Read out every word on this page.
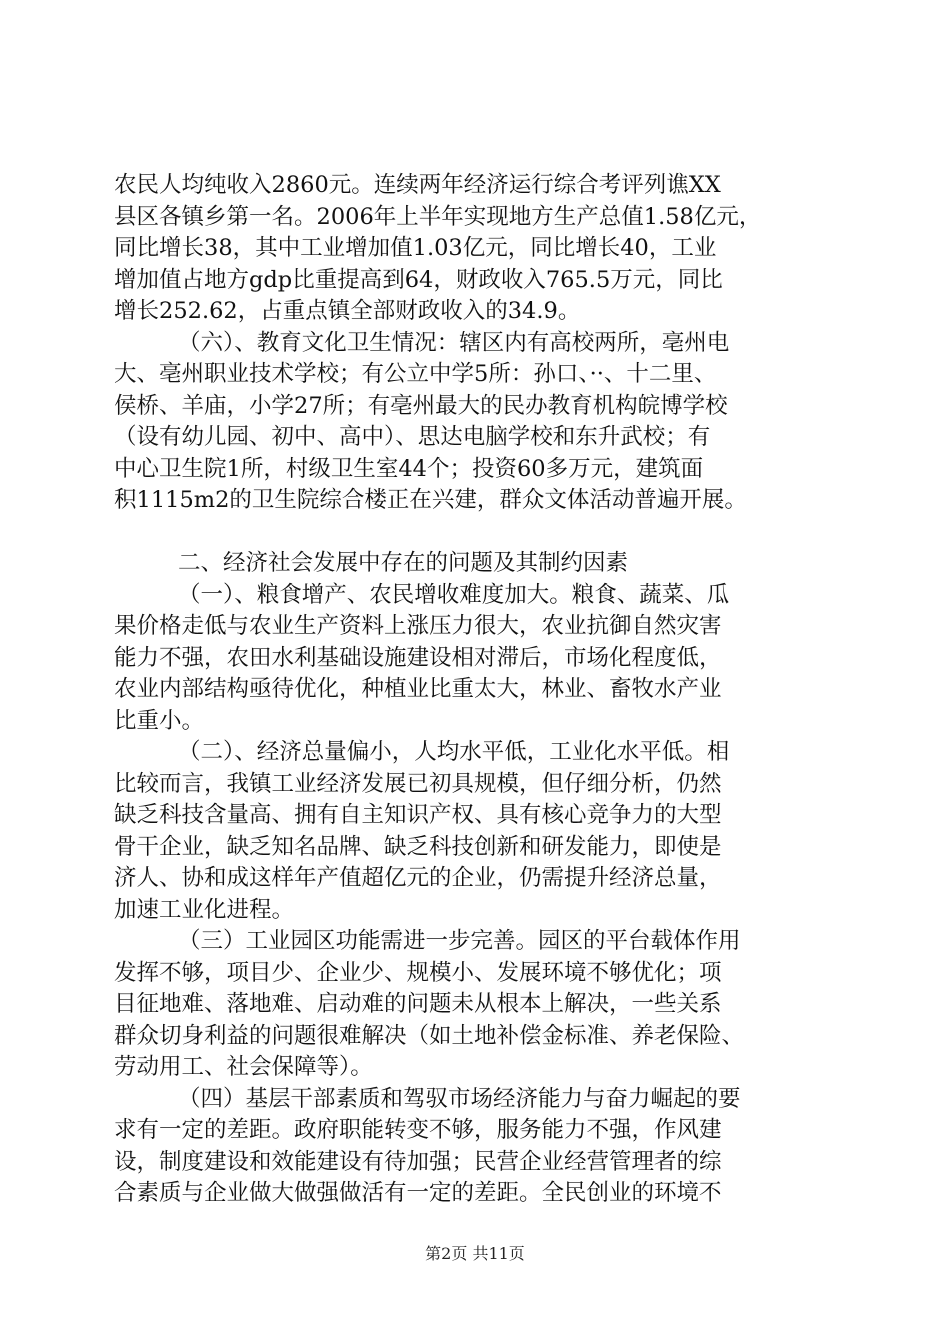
农民人均纯收入2860元。连续两年经济运行综合考评列谯XX

县区各镇乡第一名。2006年上半年实现地方生产总值1.58亿元，

同比增长38，其中工业增加值1.03亿元，同比增长40，工业

增加值占地方gdp比重提高到64，财政收入765.5万元，同比

增长252.62，占重点镇全部财政收入的34.9。

（六）、教育文化卫生情况：辖区内有高校两所，亳州电

大、亳州职业技术学校；有公立中学5所：孙口、··、十二里、

侯桥、羊庙，小学27所；有亳州最大的民办教育机构皖博学校

（设有幼儿园、初中、高中）、思达电脑学校和东升武校；有

中心卫生院1所，村级卫生室44个；投资60多万元，建筑面

积1115m2的卫生院综合楼正在兴建，群众文体活动普遍开展。

二、经济社会发展中存在的问题及其制约因素

（一）、粮食增产、农民增收难度加大。粮食、蔬菜、瓜

果价格走低与农业生产资料上涨压力很大，农业抗御自然灾害

能力不强，农田水利基础设施建设相对滞后，市场化程度低，

农业内部结构亟待优化，种植业比重太大，林业、畜牧水产业

比重小。

（二）、经济总量偏小，人均水平低，工业化水平低。相

比较而言，我镇工业经济发展已初具规模，但仔细分析，仍然

缺乏科技含量高、拥有自主知识产权、具有核心竞争力的大型

骨干企业，缺乏知名品牌、缺乏科技创新和研发能力，即使是

济人、协和成这样年产值超亿元的企业，仍需提升经济总量，

加速工业化进程。

（三）工业园区功能需进一步完善。园区的平台载体作用

发挥不够，项目少、企业少、规模小、发展环境不够优化；项

目征地难、落地难、启动难的问题未从根本上解决，一些关系

群众切身利益的问题很难解决（如土地补偿金标准、养老保险、

劳动用工、社会保障等）。

（四）基层干部素质和驾驭市场经济能力与奋力崛起的要

求有一定的差距。政府职能转变不够，服务能力不强，作风建

设，制度建设和效能建设有待加强；民营企业经营管理者的综

合素质与企业做大做强做活有一定的差距。全民创业的环境不

第2页 共11页
